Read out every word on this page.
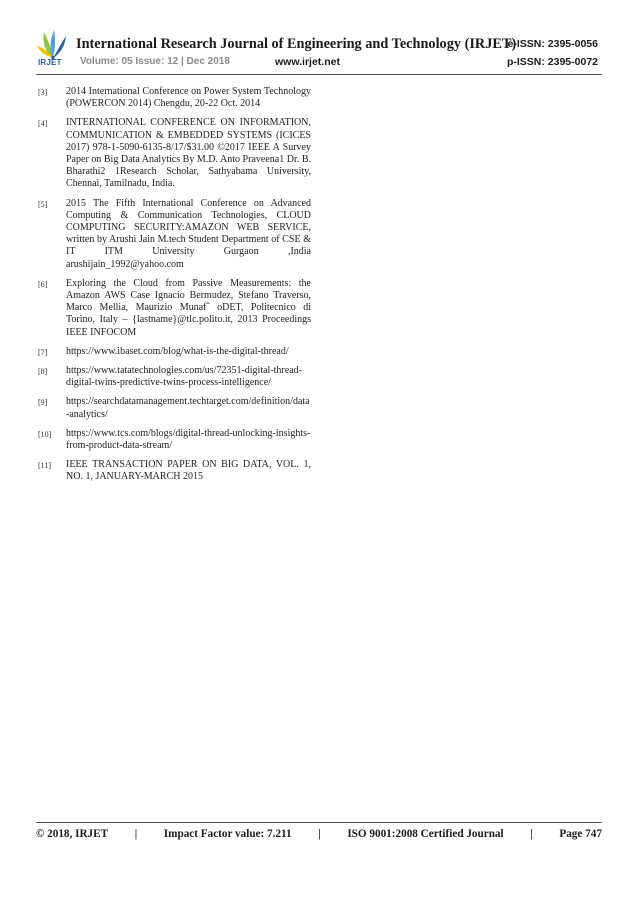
IRJET
International Research Journal of Engineering and Technology (IRJET)
e-ISSN: 2395-0056
Volume: 05 Issue: 12 | Dec 2018	www.irjet.net	p-ISSN: 2395-0072
[3]	2014 International Conference on Power System Technology (POWERCON 2014) Chengdu, 20-22 Oct. 2014
[4]	INTERNATIONAL CONFERENCE ON INFORMATION, COMMUNICATION & EMBEDDED SYSTEMS (ICICES 2017) 978-1-5090-6135-8/17/$31.00 ©2017 IEEE A Survey Paper on Big Data Analytics By M.D. Anto Praveena1 Dr. B. Bharathi2 1Research Scholar, Sathyabama University, Chennai, Tamilnadu, India.
[5]	2015 The Fifth International Conference on Advanced Computing & Communication Technologies, CLOUD COMPUTING SECURITY:AMAZON WEB SERVICE, written by Arushi Jain M.tech Student Department of CSE & IT ITM University Gurgaon ,India arushijain_1992@yahoo.com
[6]	Exploring the Cloud from Passive Measurements: the Amazon AWS Case Ignacio Bermudez, Stefano Traverso, Marco Mellia, Maurizio Munafˆ oDET, Politecnico di Torino, Italy – {lastname}@tlc.polito.it, 2013 Proceedings IEEE INFOCOM
[7]	https://www.ibaset.com/blog/what-is-the-digital-thread/
[8]	https://www.tatatechnologies.com/us/72351-digital-thread-digital-twins-predictive-twins-process-intelligence/
[9]	https://searchdatamanagement.techtarget.com/definition/data-analytics/
[10]	https://www.tcs.com/blogs/digital-thread-unlocking-insights-from-product-data-stream/
[11]	IEEE TRANSACTION PAPER ON BIG DATA, VOL. 1, NO. 1, JANUARY-MARCH 2015
© 2018, IRJET | Impact Factor value: 7.211 | ISO 9001:2008 Certified Journal | Page 747
